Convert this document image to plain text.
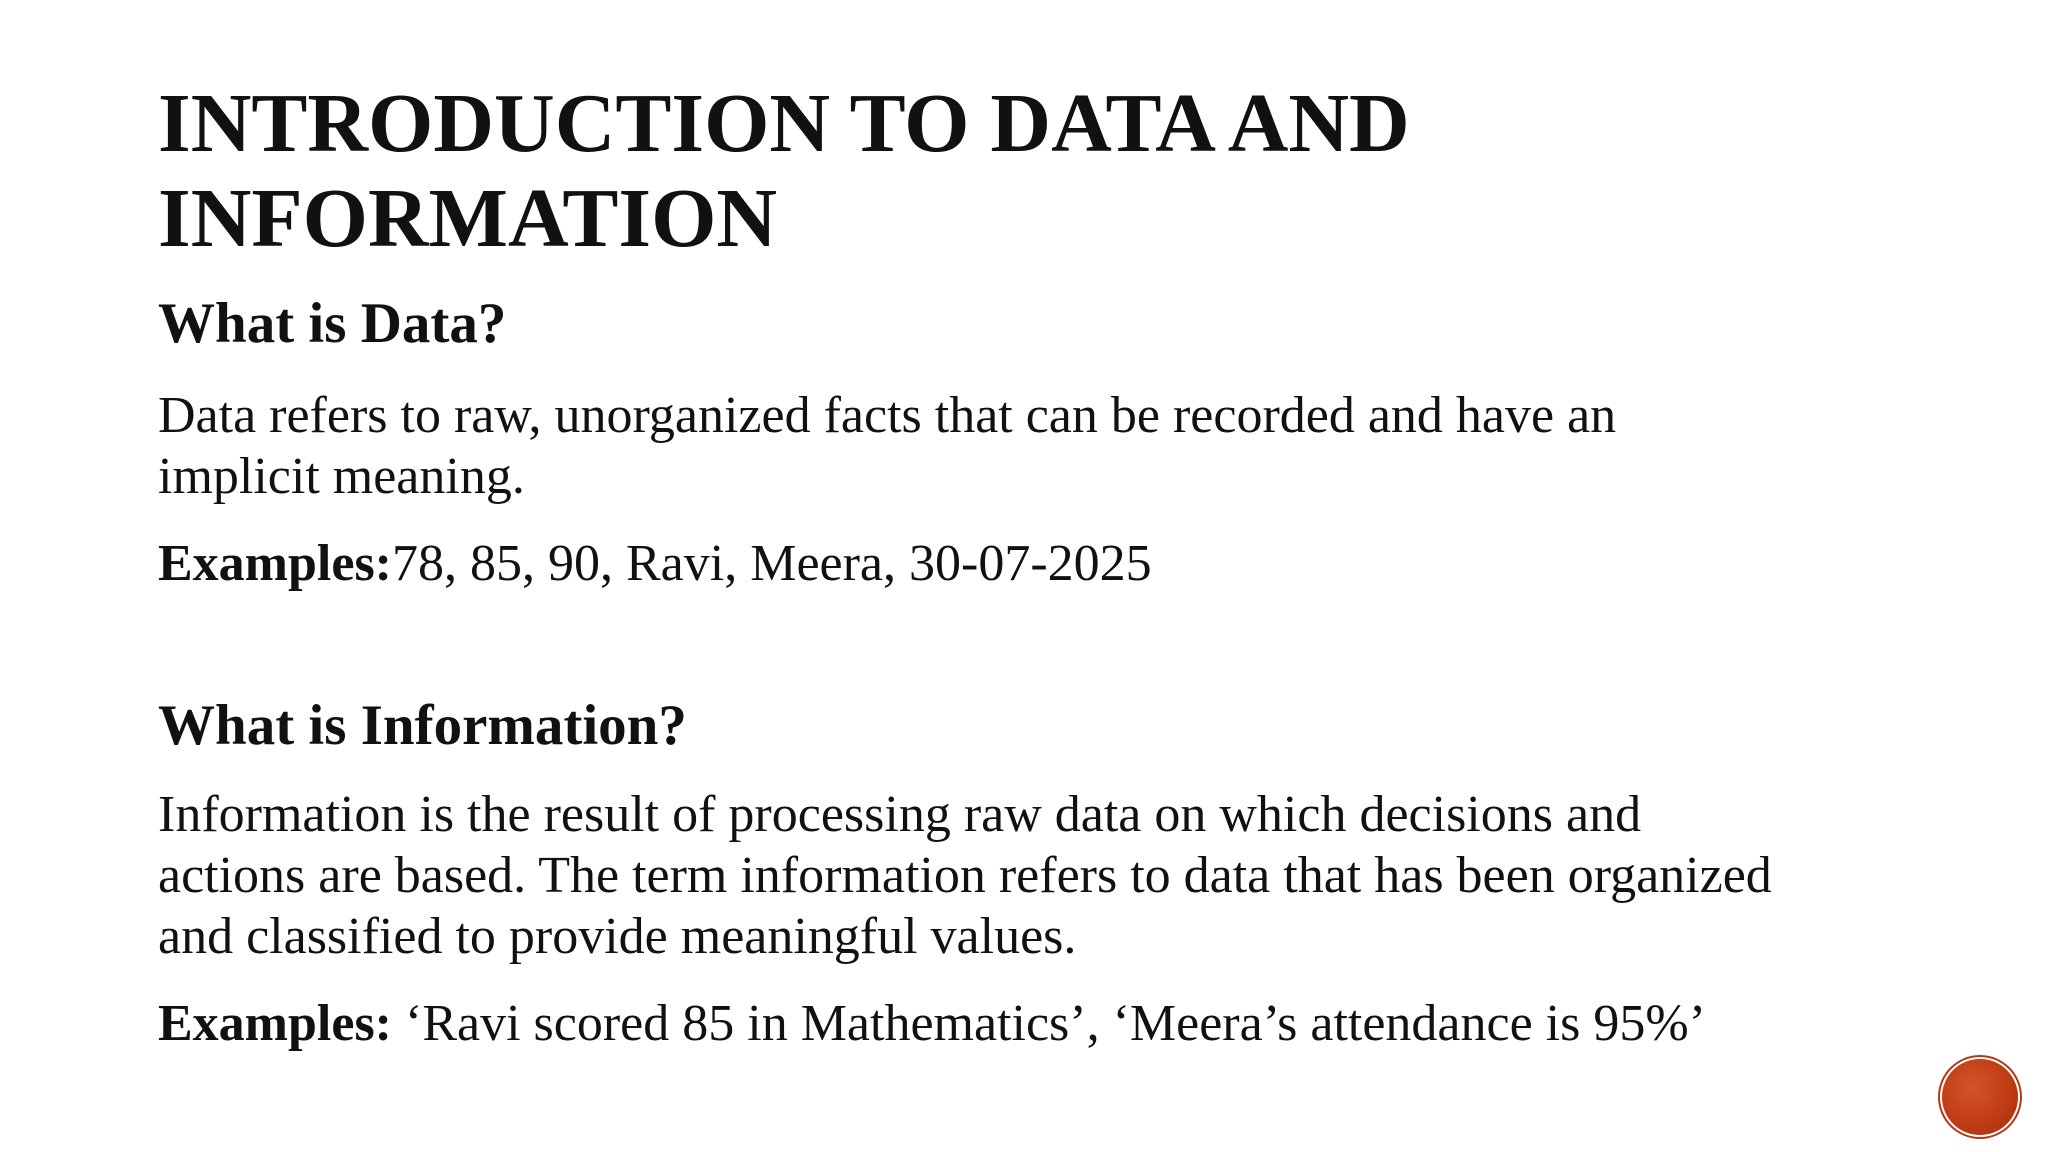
INTRODUCTION TO DATA AND
INFORMATION
What is Data?

Data refers to raw, unorganized facts that can be recorded and have an
implicit meaning.

Examples:78, 85, 90, Ravi, Meera, 30-07-2025

What is Information?

Information is the result of processing raw data on which decisions and
actions are based. The term information refers to data that has been organized
and classified to provide meaningful values.

Examples: ‘Ravi scored 85 in Mathematics’, ‘Meera’s attendance is 95%’
